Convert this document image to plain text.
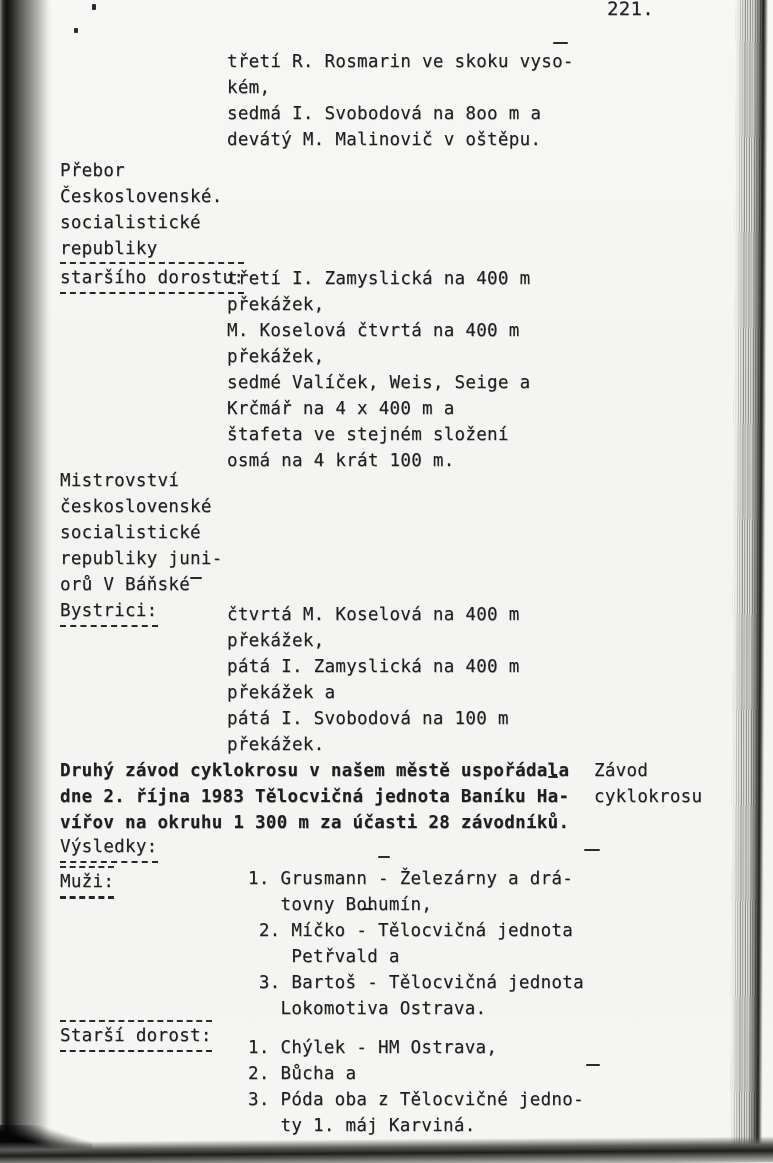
221.
třetí R. Rosmarin ve skoku vyso-
kém,
sedmá I. Svobodová na 8oo m a
devátý M. Malinovič v oštěpu.
Přebor
Československé.
socialistické
republiky
staršího dorostu:
třetí I. Zamyslická na 400 m
překážek,
M. Koselová čtvrtá na 400 m
překážek,
sedmé Valíček, Weis, Seige a
Krčmář na 4 x 400 m a
štafeta ve stejném složení
osmá na 4 krát 100 m.
Mistrovství
československé
socialistické
republiky juni-
orů V Báňské
Bystrici:	čtvrtá M. Koselová na 400 m
překážek,
pátá I. Zamyslická na 400 m
překážek a
pátá I. Svobodová na 100 m
překážek.
Druhý závod cyklokrosu v našem městě uspořádala
dne 2. října 1983 Tělocvičná jednota Baníku Ha-
vířov na okruhu 1 300 m za účasti 28 závodníků.
Závod
cyklokrosu
Výsledky:
Muži:	1. Grusmann - Železárny a drá-
tovny Bohumín,
2. Míčko - Tělocvičná jednota
Petřvald a
3. Bartoš - Tělocvičná jednota
Lokomotiva Ostrava.
Starší dorost:
1. Chýlek - HM Ostrava,
2. Bůcha a
3. Póda oba z Tělocvičné jedno-
ty 1. máj Karviná.
